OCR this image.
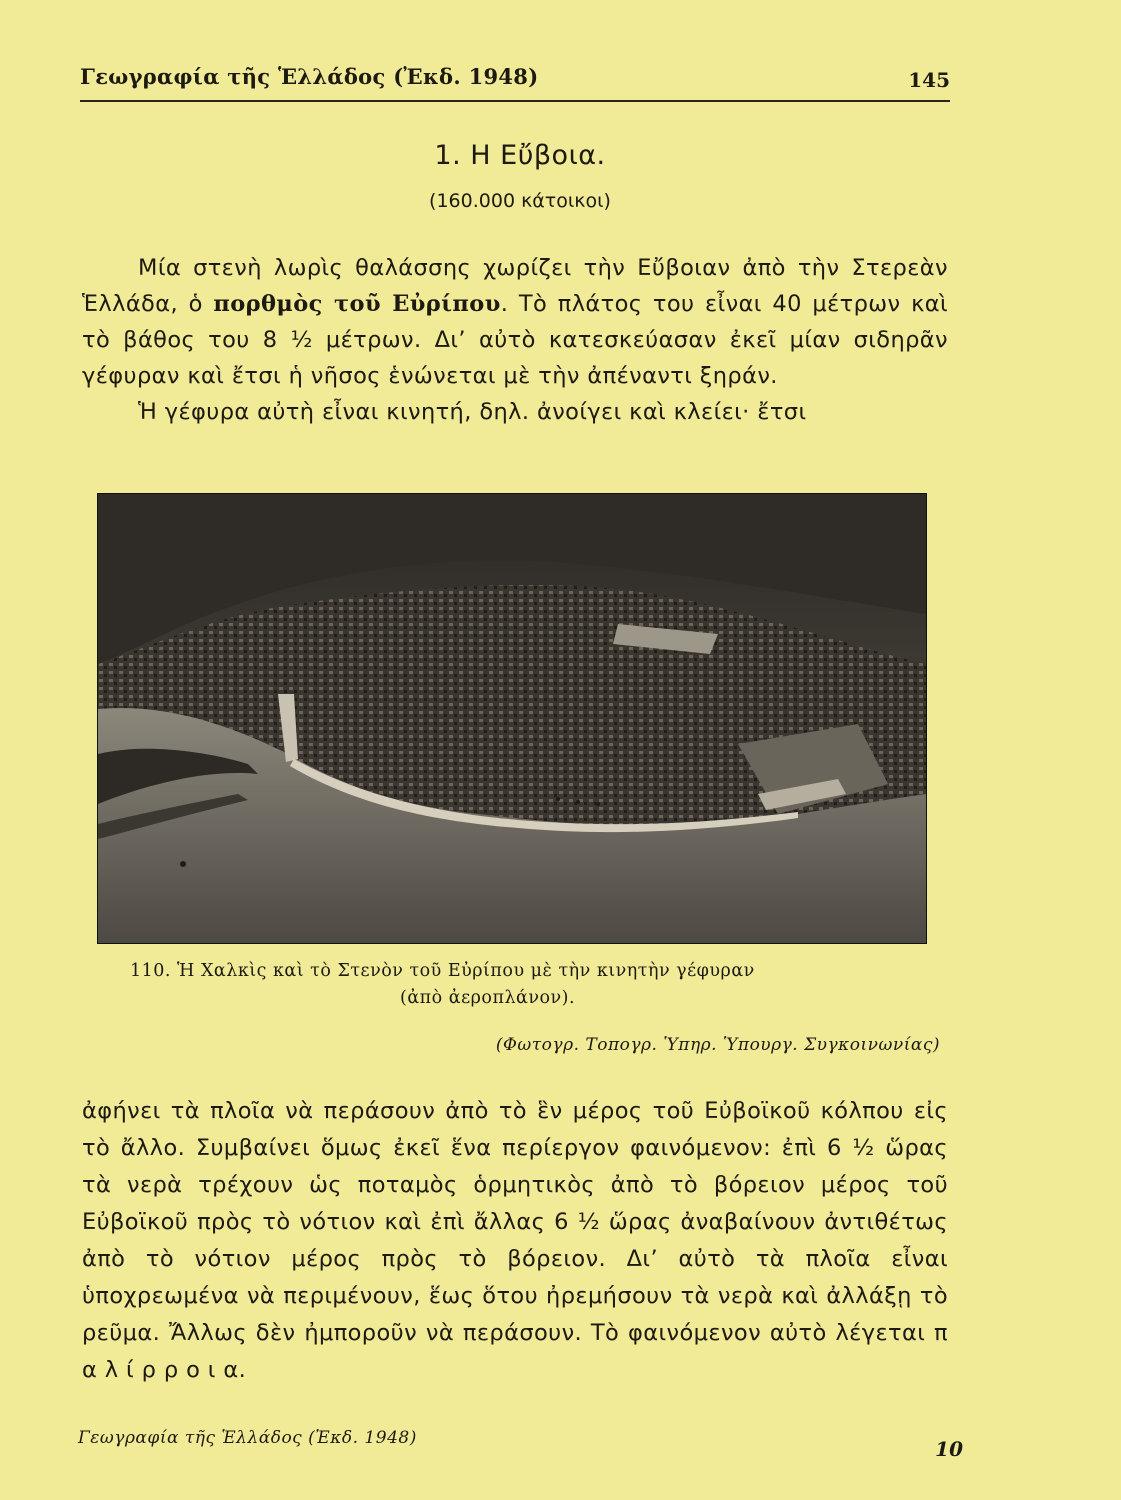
Γεωγραφία τῆς Ἑλλάδος (Ἐκδ. 1948)	145
1. Η Εὔβοια.
(160.000 κάτοικοι)

Μία στενὴ λωρὶς θαλάσσης χωρίζει τὴν Εὔβοιαν ἀπὸ τὴν Στερεὰν Ἑλλάδα, ὁ πορθμὸς τοῦ Εὐρίπου. Τὸ πλάτος του εἶναι 40 μέτρων καὶ τὸ βάθος του 8 ½ μέτρων. Δι’ αὐτὸ κατεσκεύασαν ἐκεῖ μίαν σιδηρᾶν γέφυραν καὶ ἔτσι ἡ νῆσος ἑνώνεται μὲ τὴν ἀπέναντι ξηράν.

Ἡ γέφυρα αὐτὴ εἶναι κινητή, δηλ. ἀνοίγει καὶ κλείει· ἔτσι

110. Ἡ Χαλκὶς καὶ τὸ Στενὸν τοῦ Εὐρίπου μὲ τὴν κινητὴν γέφυραν
(ἀπὸ ἀεροπλάνον).
(Φωτογρ. Τοπογρ. Ὑπηρ. Ὑπουργ. Συγκοινωνίας)

ἀφήνει τὰ πλοῖα νὰ περάσουν ἀπὸ τὸ ἓν μέρος τοῦ Εὐβοϊκοῦ κόλπου εἰς τὸ ἄλλο. Συμβαίνει ὅμως ἐκεῖ ἕνα περίεργον φαινόμενον: ἐπὶ 6 ½ ὥρας τὰ νερὰ τρέχουν ὡς ποταμὸς ὁρμητικὸς ἀπὸ τὸ βόρειον μέρος τοῦ Εὐβοϊκοῦ πρὸς τὸ νότιον καὶ ἐπὶ ἄλλας 6 ½ ὥρας ἀναβαίνουν ἀντιθέτως ἀπὸ τὸ νότιον μέρος πρὸς τὸ βόρειον. Δι’ αὐτὸ τὰ πλοῖα εἶναι ὑποχρεωμένα νὰ περιμένουν, ἕως ὅτου ἠρεμήσουν τὰ νερὰ καὶ ἀλλάξῃ τὸ ρεῦμα. Ἄλλως δὲν ἠμποροῦν νὰ περάσουν. Τὸ φαινόμενον αὐτὸ λέγεται π α λ ί ρ ρ ο ι α.

Γεωγραφία τῆς Ἑλλάδος (Ἐκδ. 1948)	10
